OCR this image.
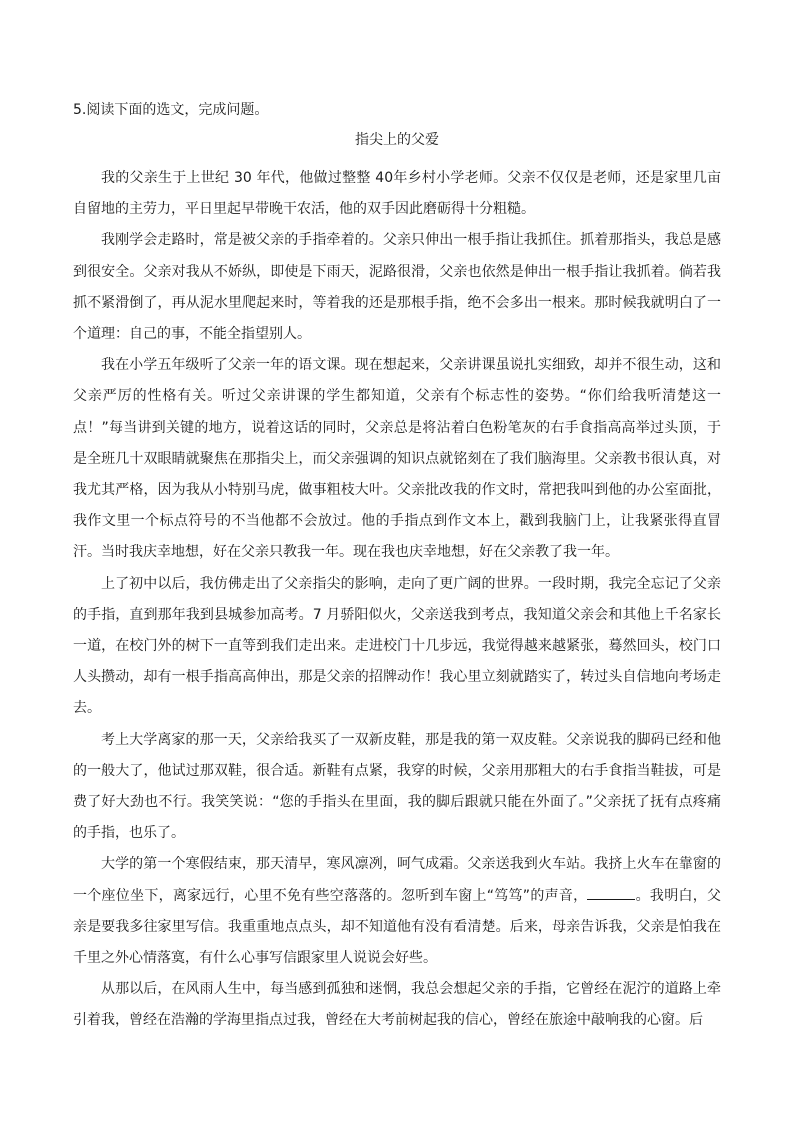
5.阅读下面的选文，完成问题。
指尖上的父爱

我的父亲生于上世纪 30 年代，他做过整整 40年乡村小学老师。父亲不仅仅是老师，还是家里几亩自留地的主劳力，平日里起早带晚干农活，他的双手因此磨砺得十分粗糙。

我刚学会走路时，常是被父亲的手指牵着的。父亲只伸出一根手指让我抓住。抓着那指头，我总是感到很安全。父亲对我从不娇纵，即使是下雨天，泥路很滑，父亲也依然是伸出一根手指让我抓着。倘若我抓不紧滑倒了，再从泥水里爬起来时，等着我的还是那根手指，绝不会多出一根来。那时候我就明白了一个道理：自己的事，不能全指望别人。

我在小学五年级听了父亲一年的语文课。现在想起来，父亲讲课虽说扎实细致，却并不很生动，这和父亲严厉的性格有关。听过父亲讲课的学生都知道，父亲有个标志性的姿势。“你们给我听清楚这一点！”每当讲到关键的地方，说着这话的同时，父亲总是将沾着白色粉笔灰的右手食指高高举过头顶，于是全班几十双眼睛就聚焦在那指尖上，而父亲强调的知识点就铭刻在了我们脑海里。父亲教书很认真，对我尤其严格，因为我从小特别马虎，做事粗枝大叶。父亲批改我的作文时，常把我叫到他的办公室面批，我作文里一个标点符号的不当他都不会放过。他的手指点到作文本上，戳到我脑门上，让我紧张得直冒汗。当时我庆幸地想，好在父亲只教我一年。现在我也庆幸地想，好在父亲教了我一年。

上了初中以后，我仿佛走出了父亲指尖的影响，走向了更广阔的世界。一段时期，我完全忘记了父亲的手指，直到那年我到县城参加高考。7 月骄阳似火，父亲送我到考点，我知道父亲会和其他上千名家长一道，在校门外的树下一直等到我们走出来。走进校门十几步远，我觉得越来越紧张，蓦然回头，校门口人头攒动，却有一根手指高高伸出，那是父亲的招牌动作！我心里立刻就踏实了，转过头自信地向考场走去。

考上大学离家的那一天，父亲给我买了一双新皮鞋，那是我的第一双皮鞋。父亲说我的脚码已经和他的一般大了，他试过那双鞋，很合适。新鞋有点紧，我穿的时候，父亲用那粗大的右手食指当鞋拔，可是费了好大劲也不行。我笑笑说：“您的手指头在里面，我的脚后跟就只能在外面了。”父亲抚了抚有点疼痛的手指，也乐了。

大学的第一个寒假结束，那天清早，寒风凛冽，呵气成霜。父亲送我到火车站。我挤上火车在靠窗的一个座位坐下，离家远行，心里不免有些空落落的。忽听到车窗上“笃笃”的声音，	。我明白，父亲是要我多往家里写信。我重重地点点头，却不知道他有没有看清楚。后来，母亲告诉我，父亲是怕我在千里之外心情落寞，有什么心事写信跟家里人说说会好些。

从那以后，在风雨人生中，每当感到孤独和迷惘，我总会想起父亲的手指，它曾经在泥泞的道路上牵引着我，曾经在浩瀚的学海里指点过我，曾经在大考前树起我的信心，曾经在旅途中敲响我的心窗。后
